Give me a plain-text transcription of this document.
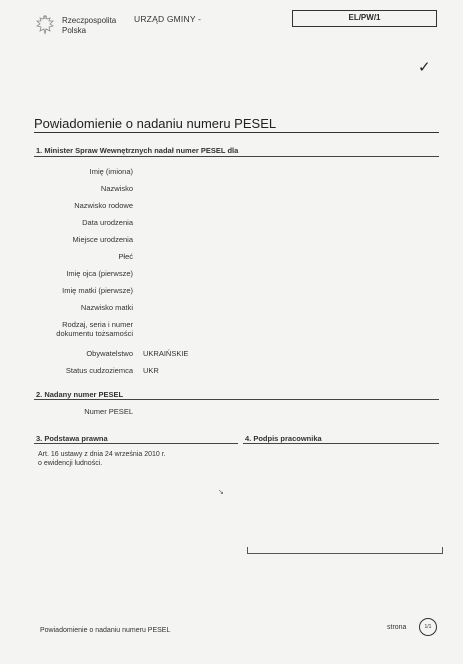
Rzeczpospolita
Polska
URZĄD GMINY -	EL/PW/1
✓
Powiadomienie o nadaniu numeru PESEL
1. Minister Spraw Wewnętrznych nadał numer PESEL dla
Imię (imiona)
Nazwisko
Nazwisko rodowe
Data urodzenia
Miejsce urodzenia
Płeć
Imię ojca (pierwsze)
Imię matki (pierwsze)
Nazwisko matki
Rodzaj, seria i numer
dokumentu tożsamości
Obywatelstwo UKRAIŃSKIE
Status cudzoziemca UKR
2. Nadany numer PESEL
Numer PESEL
3. Podstawa prawna
Art. 16 ustawy z dnia 24 września 2010 r.
o ewidencji ludności.
4. Podpis pracownika
↘
Powiadomienie o nadaniu numeru PESEL	strona	1/1
